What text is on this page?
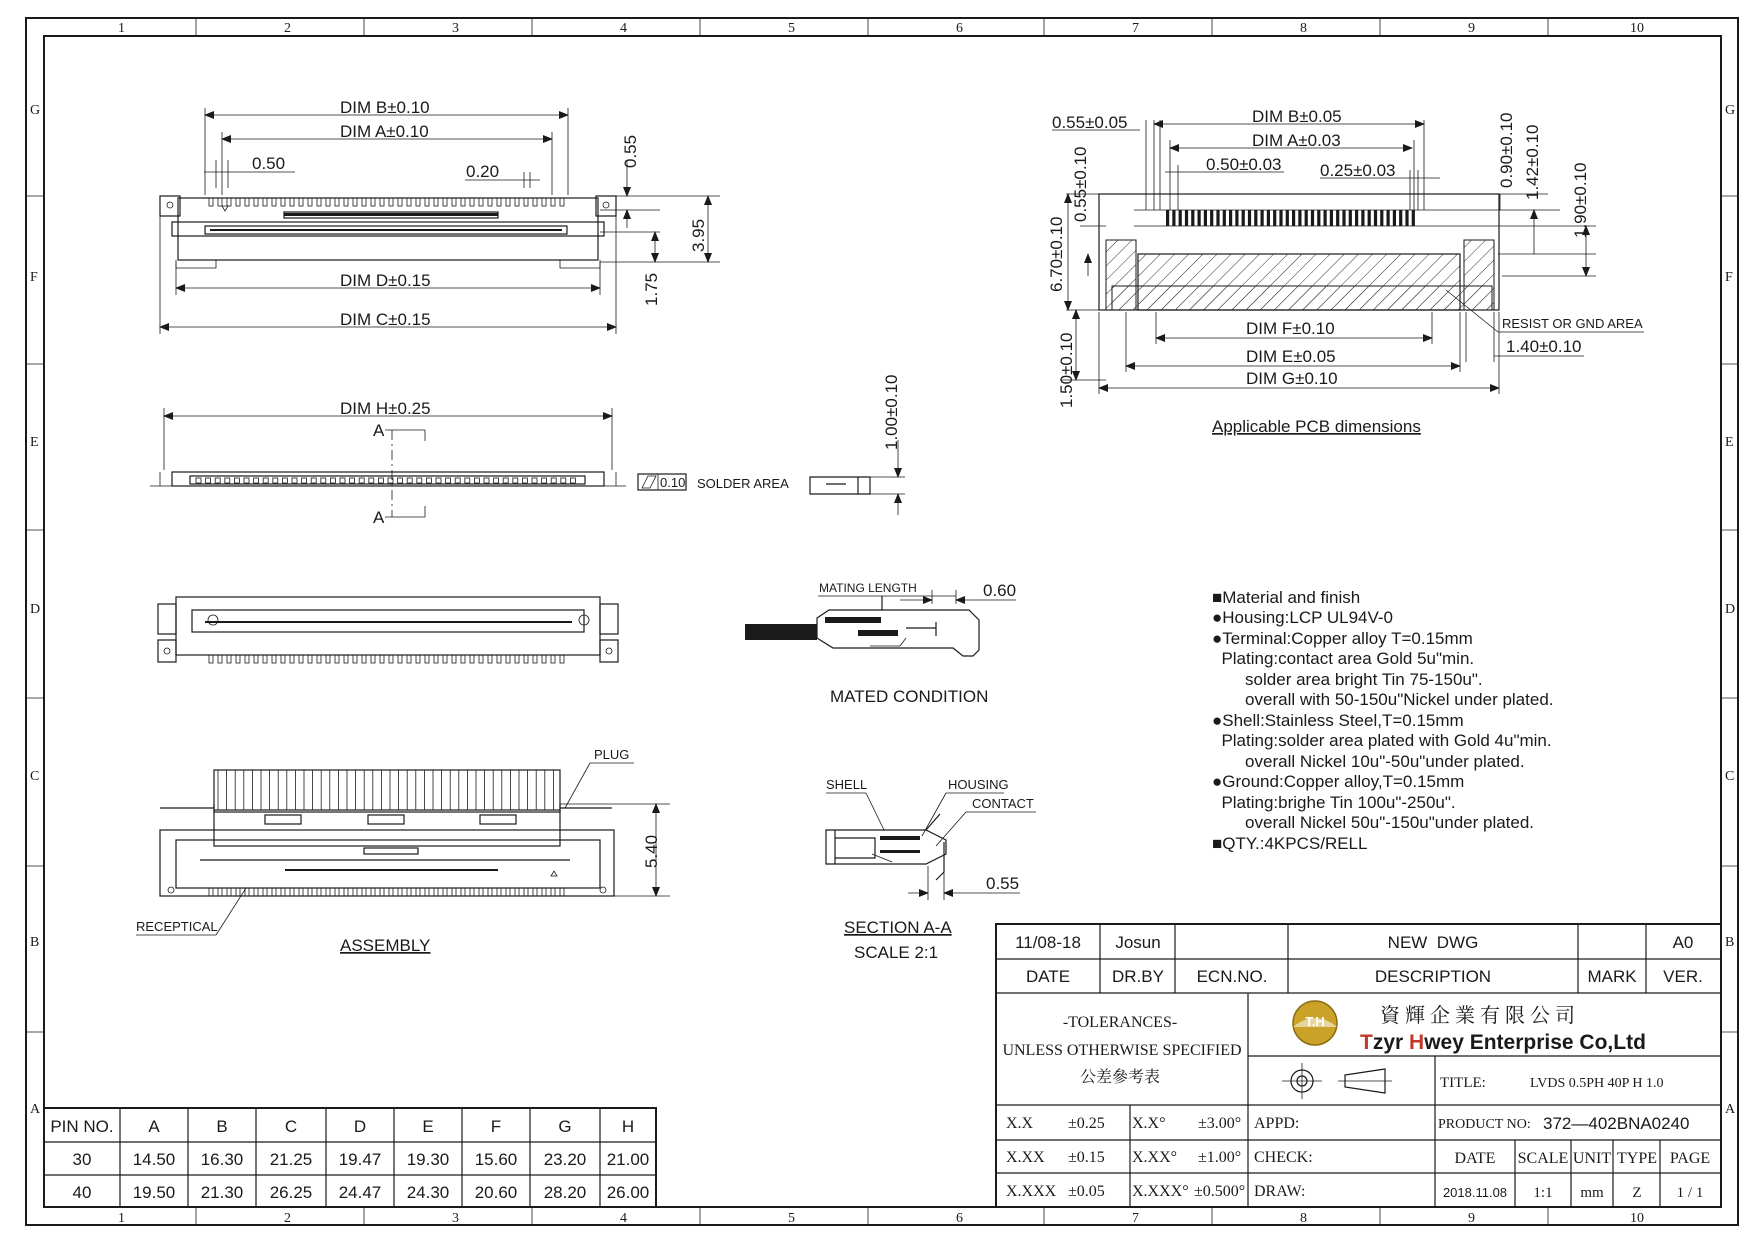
1	2	3	4	5	6	7	8	9	10
1	2	3	4	5	6	7	8	9	10
G
F
E
D
C
B
A
G
F
E
D
C
B
A
DIM B±0.10
DIM A±0.10
0.50	0.20
0.55
3.95
1.75
DIM D±0.15
DIM C±0.15
DIM H±0.25
A
A
0.10 SOLDER AREA
1.00±0.10
PLUG
RECEPTICAL
5.40
ASSEMBLY
MATING LENGTH	0.60
MATED CONDITION
SHELL	HOUSING
CONTACT
0.55
SECTION A-A
SCALE 2:1
0.55±0.05	DIM B±0.05
DIM A±0.03
0.50±0.03 0.25±0.03	0.90±0.10 1.42±0.10
1.90±0.10
0.55±0.10
6.70±0.10
1.50±0.10
DIM F±0.10
DIM E±0.05
DIM G±0.10
RESIST OR GND AREA
1.40±0.10
Applicable PCB dimensions
■Material and finish
●Housing:LCP UL94V-0
●Terminal:Copper alloy T=0.15mm
Plating:contact area Gold 5u"min.
solder area bright Tin 75-150u".
overall with 50-150u"Nickel under plated.
●Shell:Stainless Steel,T=0.15mm
Plating:solder area plated with Gold 4u"min.
overall Nickel 10u"-50u"under plated.
●Ground:Copper alloy,T=0.15mm
Plating:brighe Tin 100u"-250u".
overall Nickel 50u"-150u"under plated.
■QTY.:4KPCS/RELL
PIN NO. A	B	C	D	E	F	G	H
30 14.50 16.30 21.25 19.47 19.30 15.60 23.20 21.00
40 19.50 21.30 26.25 24.47 24.30 20.60 28.20 26.00
11/08-18 Josun	NEW  DWG	A0
DATE DR.BY ECN.NO.	DESCRIPTION	MARK VER.
-TOLERANCES-
UNLESS OTHERWISE SPECIFIED
公差參考表
X.X ±0.25 X.X° ±3.00°
X.XX ±0.15 X.XX° ±1.00°
X.XXX ±0.05 X.XXX° ±0.500°
T.H	資 輝 企 業 有 限 公 司
Tzyr Hwey Enterprise Co,Ltd
TITLE:	LVDS 0.5PH 40P H 1.0
APPD:
CHECK:
DRAW:
PRODUCT NO: 372—402BNA0240
DATE SCALE UNIT TYPE PAGE
2018.11.08 1:1 mm Z 1 / 1
